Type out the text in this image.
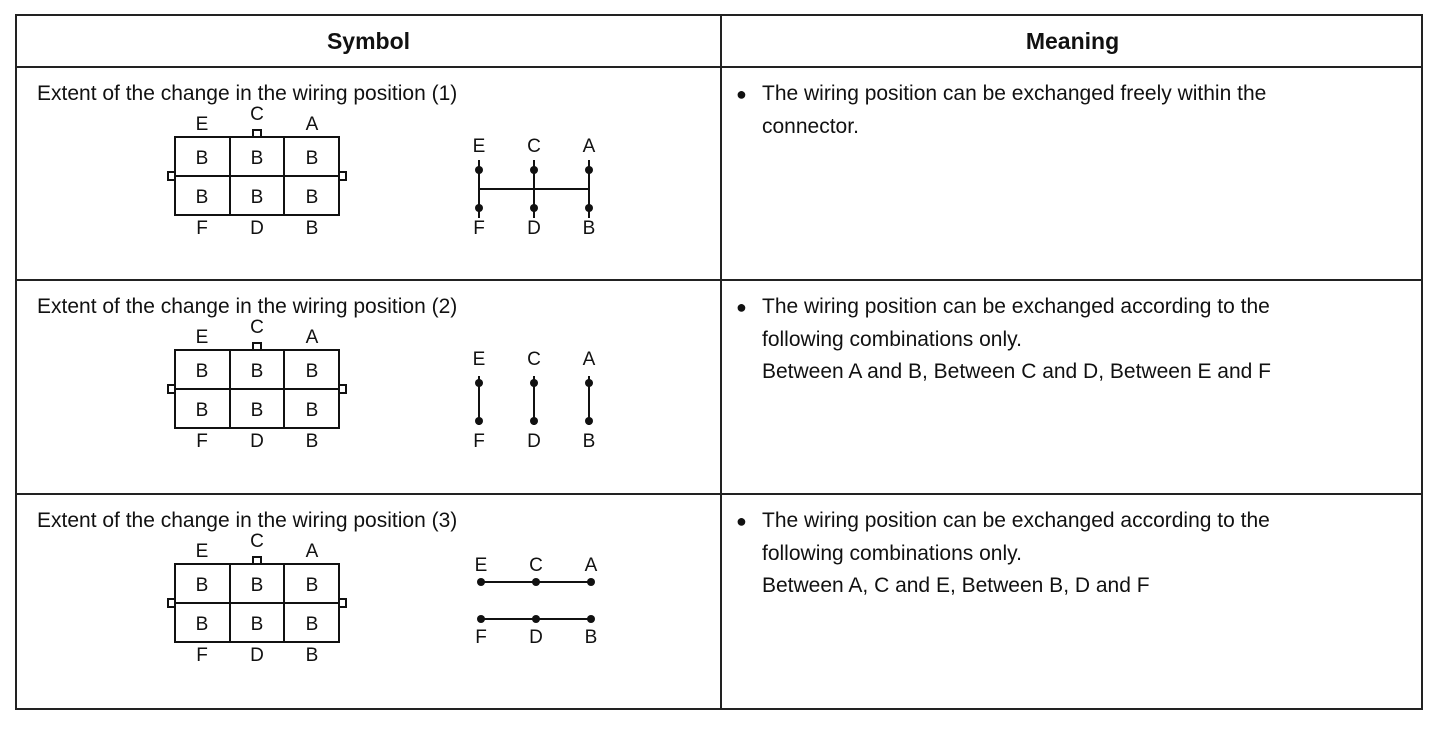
Symbol	Meaning
Extent of the change in the wiring position (1)
E C A
B B B
B B B
F D B
E C A
F D B
● The wiring position can be exchanged freely within the

connector.

Extent of the change in the wiring position (2)
E C A
B B B
B B B
F D B
E C A
F D B
● The wiring position can be exchanged according to the

following combinations only.

Between A and B, Between C and D, Between E and F

Extent of the change in the wiring position (3)
E C A
B B B
B B B
F D B
E C A
F D B
● The wiring position can be exchanged according to the

following combinations only.

Between A, C and E, Between B, D and F
